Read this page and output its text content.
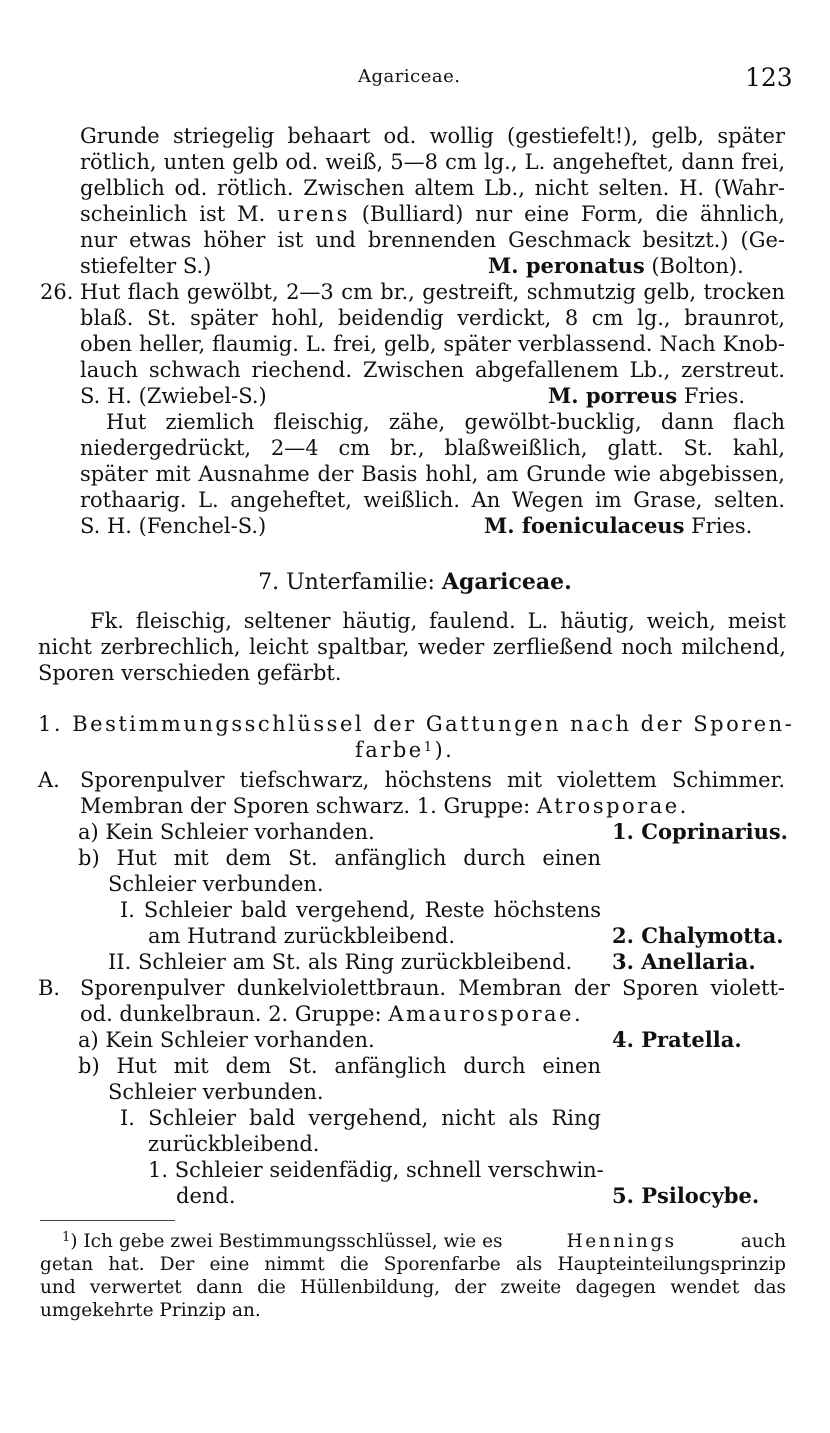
Agariceae.	123
Grunde striegelig behaart od. wollig (gestiefelt!), gelb, später
rötlich, unten gelb od. weiß, 5—8 cm lg., L. angeheftet, dann frei,
gelblich od. rötlich. Zwischen altem Lb., nicht selten. H. (Wahr-
scheinlich ist M. urens (Bulliard) nur eine Form, die ähnlich,
nur etwas höher ist und brennenden Geschmack besitzt.) (Ge-
stiefelter S.)	M. peronatus (Bolton).
26. Hut flach gewölbt, 2—3 cm br., gestreift, schmutzig gelb, trocken
blaß. St. später hohl, beidendig verdickt, 8 cm lg., braunrot,
oben heller, flaumig. L. frei, gelb, später verblassend. Nach Knob-
lauch schwach riechend. Zwischen abgefallenem Lb., zerstreut.
S. H. (Zwiebel-S.)	M. porreus Fries.
Hut ziemlich fleischig, zähe, gewölbt-bucklig, dann flach
niedergedrückt, 2—4 cm br., blaßweißlich, glatt. St. kahl,
später mit Ausnahme der Basis hohl, am Grunde wie abgebissen,
rothaarig. L. angeheftet, weißlich. An Wegen im Grase, selten.
S. H. (Fenchel-S.)	M. foeniculaceus Fries.
7. Unterfamilie: Agariceae.
Fk. fleischig, seltener häutig, faulend. L. häutig, weich, meist
nicht zerbrechlich, leicht spaltbar, weder zerfließend noch milchend,
Sporen verschieden gefärbt.
1. Bestimmungsschlüssel der Gattungen nach der Sporen-
farbe$^1$).
A. Sporenpulver tiefschwarz, höchstens mit violettem Schimmer.
Membran der Sporen schwarz. 1. Gruppe: Atrosporae.
a) Kein Schleier vorhanden.	1. Coprinarius.
b) Hut mit dem St. anfänglich durch einen
Schleier verbunden.
I. Schleier bald vergehend, Reste höchstens
am Hutrand zurückbleibend.	2. Chalymotta.
II. Schleier am St. als Ring zurückbleibend. 3. Anellaria.
B. Sporenpulver dunkelviolettbraun. Membran der Sporen violett-
od. dunkelbraun. 2. Gruppe: Amaurosporae.
a) Kein Schleier vorhanden.	4. Pratella.
b) Hut mit dem St. anfänglich durch einen
Schleier verbunden.
I. Schleier bald vergehend, nicht als Ring
zurückbleibend.
1. Schleier seidenfädig, schnell verschwin-
dend.	5. Psilocybe.
$^1$) Ich gebe zwei Bestimmungsschlüssel, wie es	Hennings	auch
getan hat. Der eine nimmt die Sporenfarbe als Haupteinteilungsprinzip
und verwertet dann die Hüllenbildung, der zweite dagegen wendet das
umgekehrte Prinzip an.
